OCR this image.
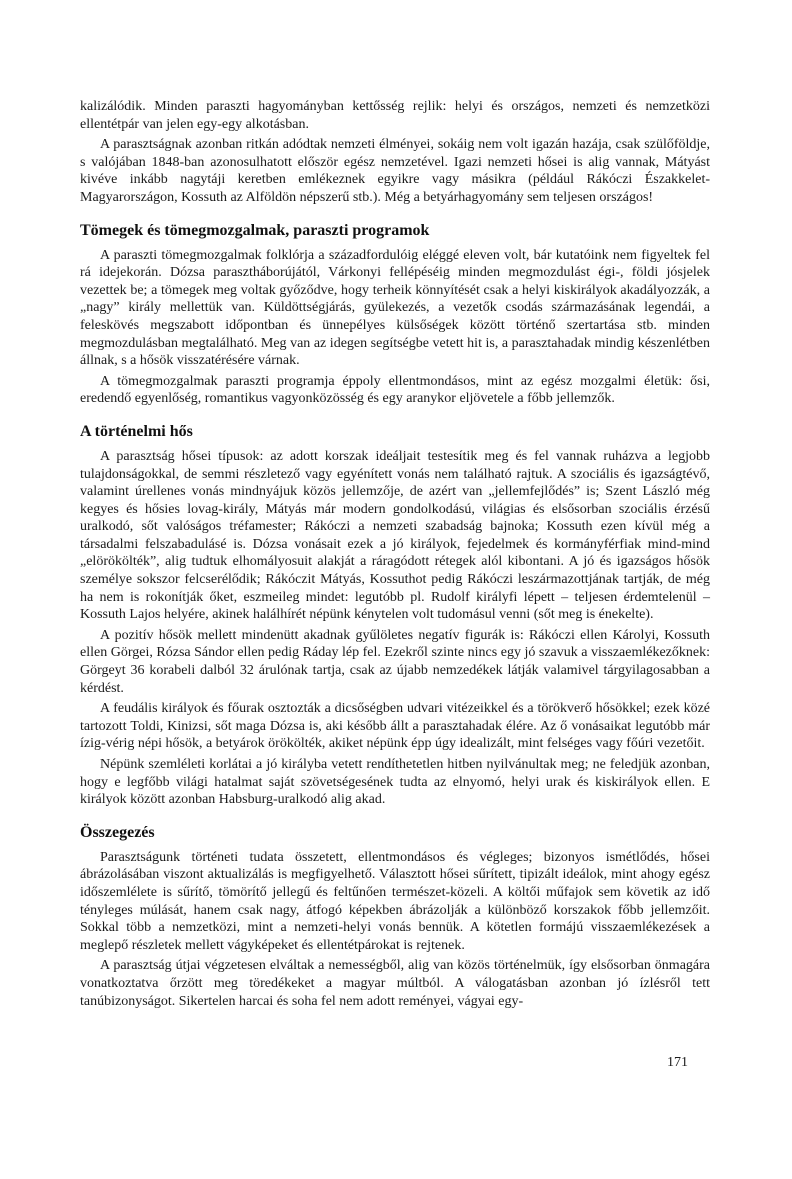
kalizálódik. Minden paraszti hagyományban kettősség rejlik: helyi és országos, nemzeti és nemzetközi ellentétpár van jelen egy-egy alkotásban.

A parasztságnak azonban ritkán adódtak nemzeti élményei, sokáig nem volt igazán hazája, csak szülőföldje, s valójában 1848-ban azonosulhatott először egész nemzetével. Igazi nemzeti hősei is alig vannak, Mátyást kivéve inkább nagytáji keretben emlékeznek egyikre vagy másikra (például Rákóczi Északkelet-Magyarországon, Kossuth az Alföldön népszerű stb.). Még a betyárhagyomány sem teljesen országos!

Tömegek és tömegmozgalmak, paraszti programok

A paraszti tömegmozgalmak folklórja a századfordulóig eléggé eleven volt, bár kutatóink nem figyeltek fel rá idejekorán. Dózsa parasztháborújától, Várkonyi fellépéséig minden megmozdulást égi-, földi jósjelek vezettek be; a tömegek meg voltak győződve, hogy terheik könnyítését csak a helyi kiskirályok akadályozzák, a „nagy” király mellettük van. Küldöttségjárás, gyülekezés, a vezetők csodás származásának legendái, a feleskövés megszabott időpontban és ünnepélyes külsőségek között történő szertartása stb. minden megmozdulásban megtalálható. Meg van az idegen segítségbe vetett hit is, a parasztahadak mindig készenlétben állnak, s a hősök visszatérésére várnak.

A tömegmozgalmak paraszti programja éppoly ellentmondásos, mint az egész mozgalmi életük: ősi, eredendő egyenlőség, romantikus vagyonközösség és egy aranykor eljövetele a főbb jellemzők.

A történelmi hős

A parasztság hősei típusok: az adott korszak ideáljait testesítik meg és fel vannak ruházva a legjobb tulajdonságokkal, de semmi részletező vagy egyénített vonás nem található rajtuk. A szociális és igazságtévő, valamint úrellenes vonás mindnyájuk közös jellemzője, de azért van „jellemfejlődés” is; Szent László még kegyes és hősies lovag-király, Mátyás már modern gondolkodású, világias és elsősorban szociális érzésű uralkodó, sőt valóságos tréfamester; Rákóczi a nemzeti szabadság bajnoka; Kossuth ezen kívül még a társadalmi felszabadulásé is. Dózsa vonásait ezek a jó királyok, fejedelmek és kormányférfiak mind-mind „elörökölték”, alig tudtuk elhomályosuit alakját a ráragódott rétegek alól kibontani. A jó és igazságos hősök személye sokszor felcserélődik; Rákóczit Mátyás, Kossuthot pedig Rákóczi leszármazottjának tartják, de még ha nem is rokonítják őket, eszmeileg mindet: legutóbb pl. Rudolf királyfi lépett – teljesen érdemtelenül – Kossuth Lajos helyére, akinek halálhírét népünk kénytelen volt tudomásul venni (sőt meg is énekelte).

A pozitív hősök mellett mindenütt akadnak gyűlöletes negatív figurák is: Rákóczi ellen Károlyi, Kossuth ellen Görgei, Rózsa Sándor ellen pedig Ráday lép fel. Ezekről szinte nincs egy jó szavuk a visszaemlékezőknek: Görgeyt 36 korabeli dalból 32 árulónak tartja, csak az újabb nemzedékek látják valamivel tárgyilagosabban a kérdést.

A feudális királyok és főurak osztozták a dicsőségben udvari vitézeikkel és a törökverő hősökkel; ezek közé tartozott Toldi, Kinizsi, sőt maga Dózsa is, aki később állt a parasztahadak élére. Az ő vonásaikat legutóbb már ízig-vérig népi hősök, a betyárok örökölték, akiket népünk épp úgy idealizált, mint felséges vagy főúri vezetőit.

Népünk szemléleti korlátai a jó királyba vetett rendíthetetlen hitben nyilvánultak meg; ne feledjük azonban, hogy e legfőbb világi hatalmat saját szövetségesének tudta az elnyomó, helyi urak és kiskirályok ellen. E királyok között azonban Habsburg-uralkodó alig akad.

Összegezés

Parasztságunk történeti tudata összetett, ellentmondásos és végleges; bizonyos ismétlődés, hősei ábrázolásában viszont aktualizálás is megfigyelhető. Választott hősei sűrített, tipizált ideálok, mint ahogy egész időszemlélete is sűrítő, tömörítő jellegű és feltűnően természet-közeli. A költői műfajok sem követik az idő tényleges múlását, hanem csak nagy, átfogó képekben ábrázolják a különböző korszakok főbb jellemzőit. Sokkal több a nemzetközi, mint a nemzeti-helyi vonás bennük. A kötetlen formájú visszaemlékezések a meglepő részletek mellett vágyképeket és ellentétpárokat is rejtenek.

A parasztság útjai végzetesen elváltak a nemességből, alig van közös történelmük, így elsősorban önmagára vonatkoztatva őrzött meg töredékeket a magyar múltból. A válogatásban azonban jó ízlésről tett tanúbizonyságot. Sikertelen harcai és soha fel nem adott reményei, vágyai egy-

171
